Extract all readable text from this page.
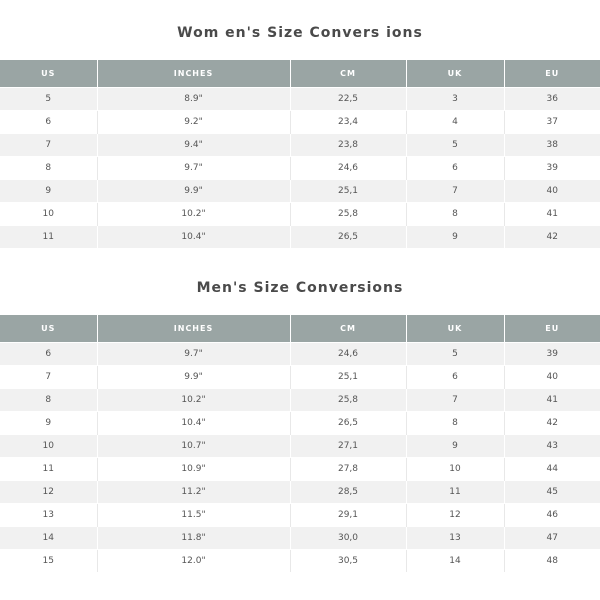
Wom en's Size Convers ions
US	INCHES	CM	UK	EU
5	8.9"	22,5	3	36
6	9.2"	23,4	4	37
7	9.4"	23,8	5	38
8	9.7"	24,6	6	39
9	9.9"	25,1	7	40
10	10.2"	25,8	8	41
11	10.4"	26,5	9	42
Men's Size Conversions
US	INCHES	CM	UK	EU
6	9.7"	24,6	5	39
7	9.9"	25,1	6	40
8	10.2"	25,8	7	41
9	10.4"	26,5	8	42
10	10.7"	27,1	9	43
11	10.9"	27,8	10	44
12	11.2"	28,5	11	45
13	11.5"	29,1	12	46
14	11.8"	30,0	13	47
15	12.0"	30,5	14	48
